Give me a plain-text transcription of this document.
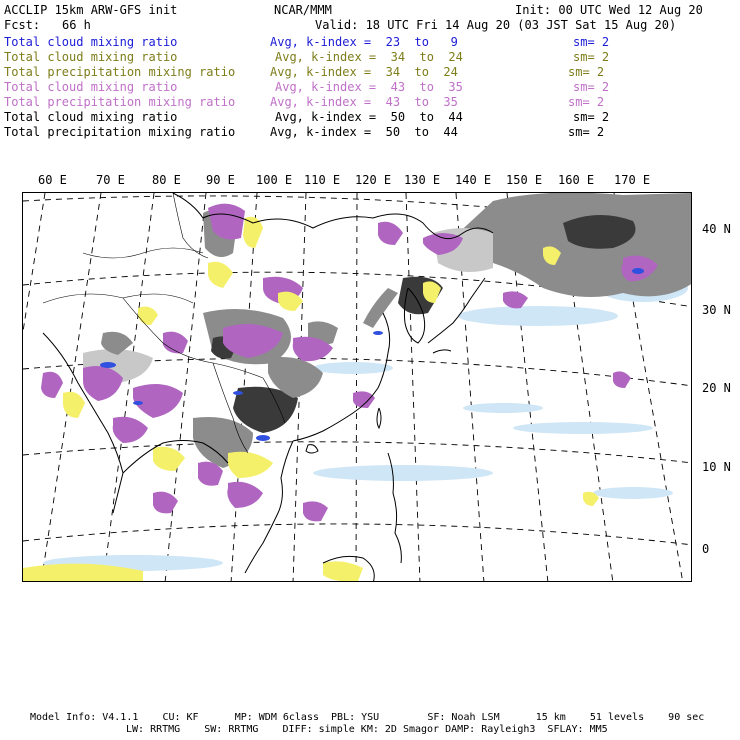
ACCLIP 15km ARW-GFS init	NCAR/MMM	Init: 00 UTC Wed 12 Aug 20
Fcst: 66 h	Valid: 18 UTC Fri 14 Aug 20 (03 JST Sat 15 Aug 20)
Total cloud mixing ratio	Avg, k-index =  23  to   9	sm= 2
Total cloud mixing ratio	Avg, k-index =  34  to  24	sm= 2
Total precipitation mixing ratio	Avg, k-index =  34  to  24	sm= 2
Total cloud mixing ratio	Avg, k-index =  43  to  35	sm= 2
Total precipitation mixing ratio	Avg, k-index =  43  to  35	sm= 2
Total cloud mixing ratio	Avg, k-index =  50  to  44	sm= 2
Total precipitation mixing ratio	Avg, k-index =  50  to  44	sm= 2
60 E 70 E 80 E 90 E 100 E 110 E 120 E 130 E 140 E 150 E 160 E 170 E
40 N
30 N
20 N
10 N
0
Model Info: V4.1.1    CU: KF      MP: WDM 6class  PBL: YSU        SF: Noah LSM      15 km    51 levels    90 sec
LW: RRTMG    SW: RRTMG    DIFF: simple KM: 2D Smagor DAMP: Rayleigh3  SFLAY: MM5
